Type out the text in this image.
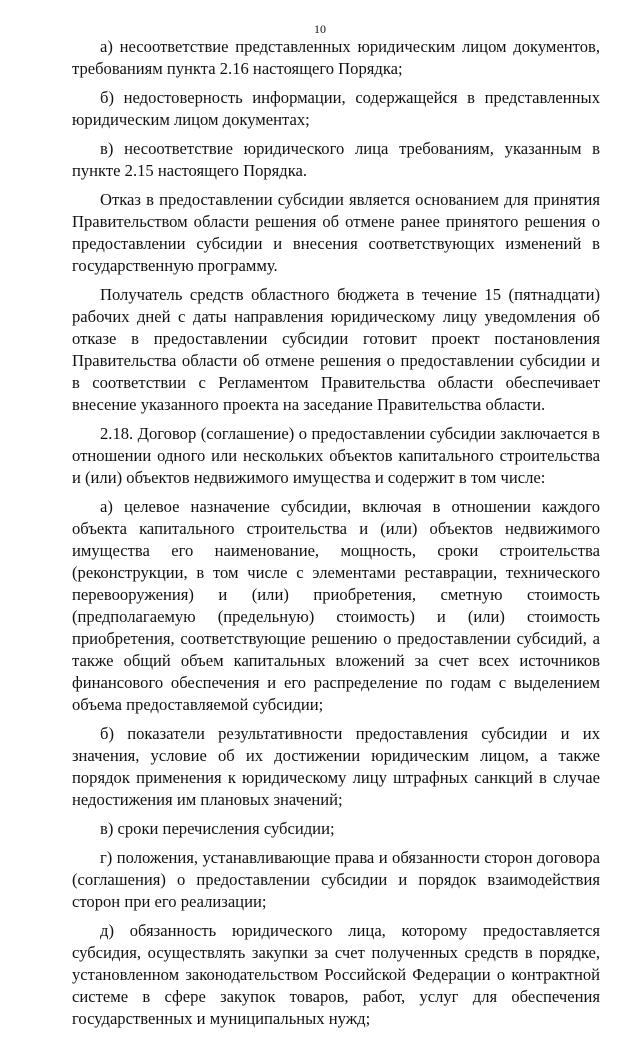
10

а) несоответствие представленных юридическим лицом документов, требованиям пункта 2.16 настоящего Порядка;

б) недостоверность информации, содержащейся в представленных юридическим лицом документах;

в) несоответствие юридического лица требованиям, указанным в пункте 2.15 настоящего Порядка.

Отказ в предоставлении субсидии является основанием для принятия Правительством области решения об отмене ранее принятого решения о предоставлении субсидии и внесения соответствующих изменений в государственную программу.

Получатель средств областного бюджета в течение 15 (пятнадцати) рабочих дней с даты направления юридическому лицу уведомления об отказе в предоставлении субсидии готовит проект постановления Правительства области об отмене решения о предоставлении субсидии и в соответствии с Регламентом Правительства области обеспечивает внесение указанного проекта на заседание Правительства области.

2.18. Договор (соглашение) о предоставлении субсидии заключается в отношении одного или нескольких объектов капитального строительства и (или) объектов недвижимого имущества и содержит в том числе:

а) целевое назначение субсидии, включая в отношении каждого объекта капитального строительства и (или) объектов недвижимого имущества его наименование, мощность, сроки строительства (реконструкции, в том числе с элементами реставрации, технического перевооружения) и (или) приобретения, сметную стоимость (предполагаемую (предельную) стоимость) и (или) стоимость приобретения, соответствующие решению о предоставлении субсидий, а также общий объем капитальных вложений за счет всех источников финансового обеспечения и его распределение по годам с выделением объема предоставляемой субсидии;

б) показатели результативности предоставления субсидии и их значения, условие об их достижении юридическим лицом, а также порядок применения к юридическому лицу штрафных санкций в случае недостижения им плановых значений;

в) сроки перечисления субсидии;

г) положения, устанавливающие права и обязанности сторон договора (соглашения) о предоставлении субсидии и порядок взаимодействия сторон при его реализации;

д) обязанность юридического лица, которому предоставляется субсидия, осуществлять закупки за счет полученных средств в порядке, установленном законодательством Российской Федерации о контрактной системе в сфере закупок товаров, работ, услуг для обеспечения государственных и муниципальных нужд;
